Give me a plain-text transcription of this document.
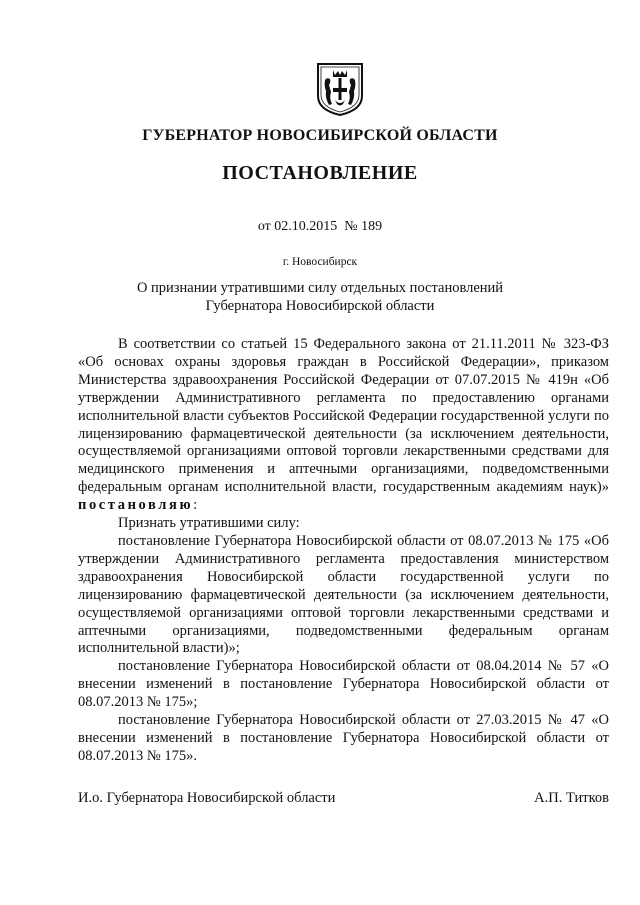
ГУБЕРНАТОР НОВОСИБИРСКОЙ ОБЛАСТИ
ПОСТАНОВЛЕНИЕ
от 02.10.2015  № 189
г. Новосибирск
О признании утратившими силу отдельных постановлений
Губернатора Новосибирской области

В соответствии со статьей 15 Федерального закона от 21.11.2011 № 323-ФЗ «Об основах охраны здоровья граждан в Российской Федерации», приказом Министерства здравоохранения Российской Федерации от 07.07.2015 № 419н «Об утверждении Административного регламента по предоставлению органами исполнительной власти субъектов Российской Федерации государственной услуги по лицензированию фармацевтической деятельности (за исключением деятельности, осуществляемой организациями оптовой торговли лекарственными средствами для медицинского применения и аптечными организациями, подведомственными федеральным органам исполнительной власти, государственным академиям наук)» постановляю:

Признать утратившими силу:

постановление Губернатора Новосибирской области от 08.07.2013 № 175 «Об утверждении Административного регламента предоставления министерством здравоохранения Новосибирской области государственной услуги по лицензированию фармацевтической деятельности (за исключением деятельности, осуществляемой организациями оптовой торговли лекарственными средствами и аптечными организациями, подведомственными федеральным органам исполнительной власти)»;

постановление Губернатора Новосибирской области от 08.04.2014 № 57 «О внесении изменений в постановление Губернатора Новосибирской области от 08.07.2013 № 175»;

постановление Губернатора Новосибирской области от 27.03.2015 № 47 «О внесении изменений в постановление Губернатора Новосибирской области от 08.07.2013 № 175».

И.о. Губернатора Новосибирской области	А.П. Титков
